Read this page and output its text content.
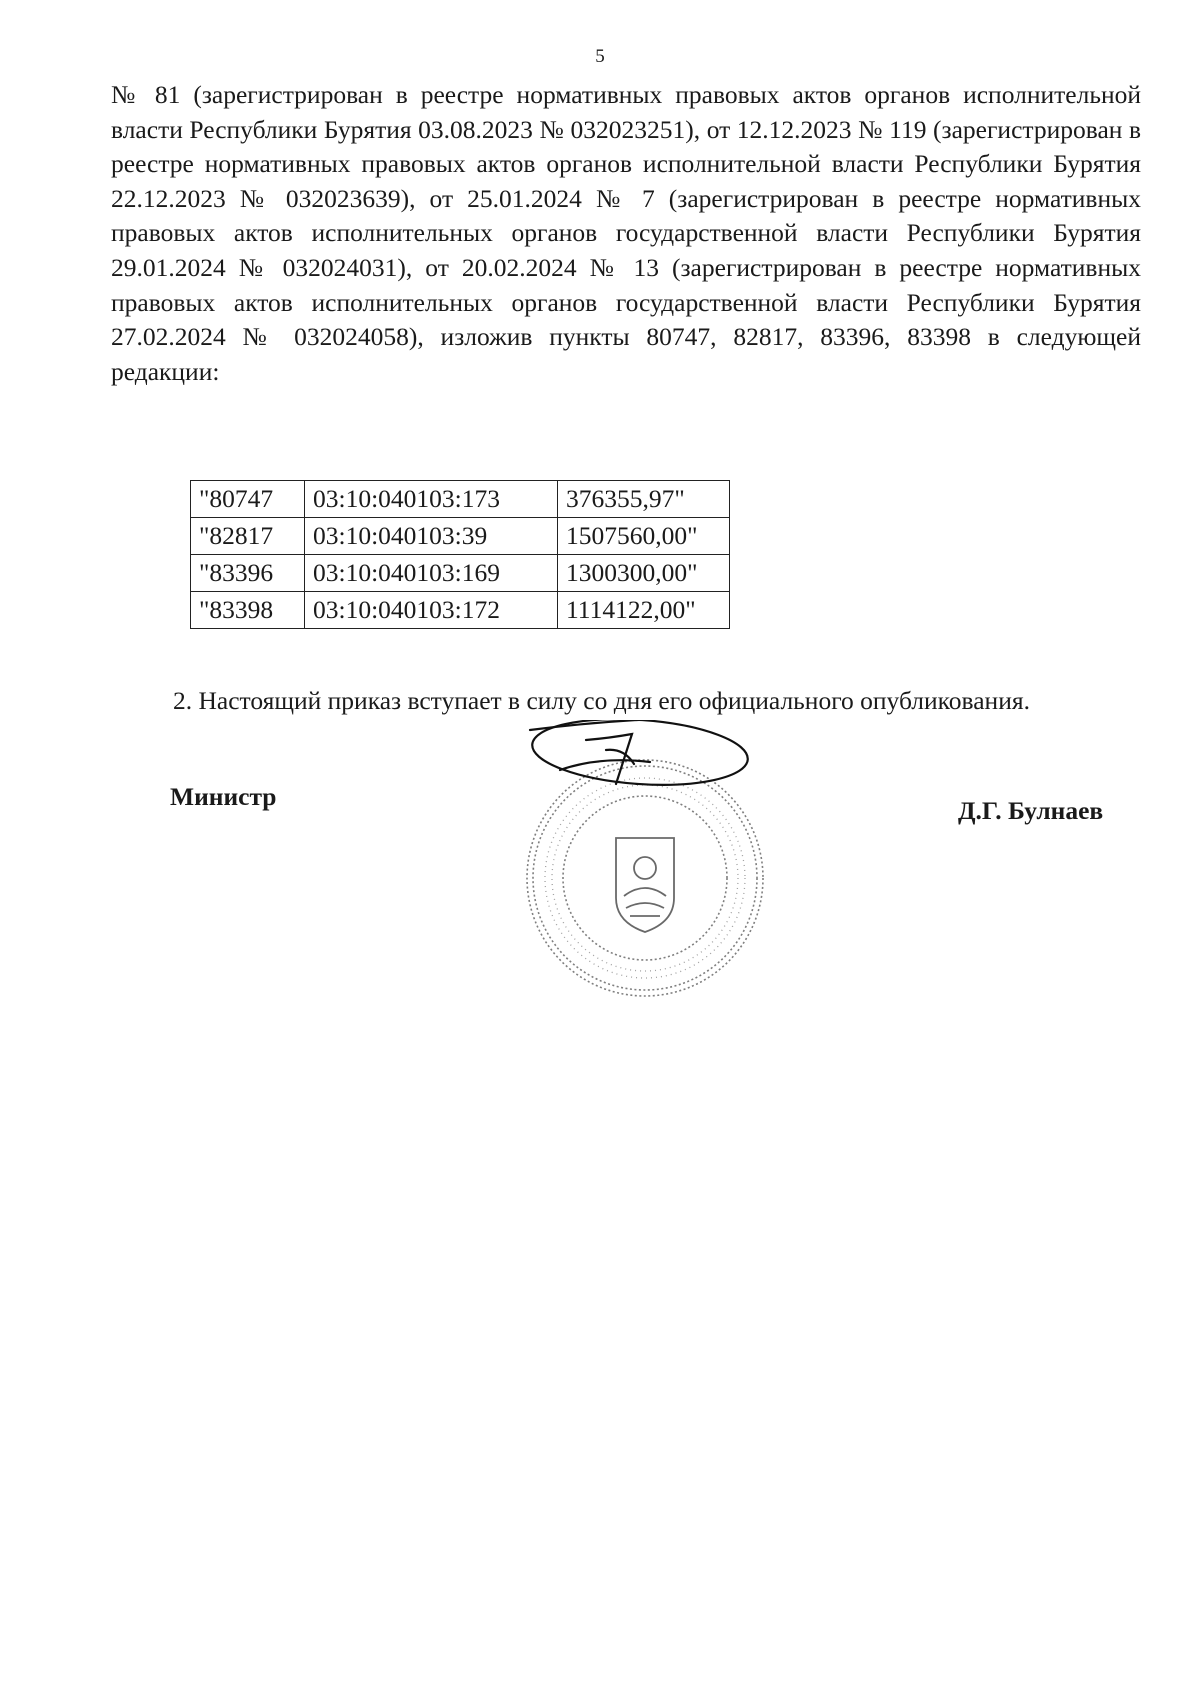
5

№ 81 (зарегистрирован в реестре нормативных правовых актов органов исполнительной власти Республики Бурятия 03.08.2023 № 032023251), от 12.12.2023 № 119 (зарегистрирован в реестре нормативных правовых актов органов исполнительной власти Республики Бурятия 22.12.2023 № 032023639), от 25.01.2024 № 7 (зарегистрирован в реестре нормативных правовых актов исполнительных органов государственной власти Республики Бурятия 29.01.2024 № 032024031), от 20.02.2024 № 13 (зарегистрирован в реестре нормативных правовых актов исполнительных органов государственной власти Республики Бурятия 27.02.2024 № 032024058), изложив пункты 80747, 82817, 83396, 83398 в следующей редакции:

"80747	03:10:040103:173	376355,97"
"82817	03:10:040103:39	1507560,00"
"83396	03:10:040103:169	1300300,00"
"83398	03:10:040103:172	1114122,00"

2. Настоящий приказ вступает в силу со дня его официального опубликования.

Министр	Д.Г. Булнаев
